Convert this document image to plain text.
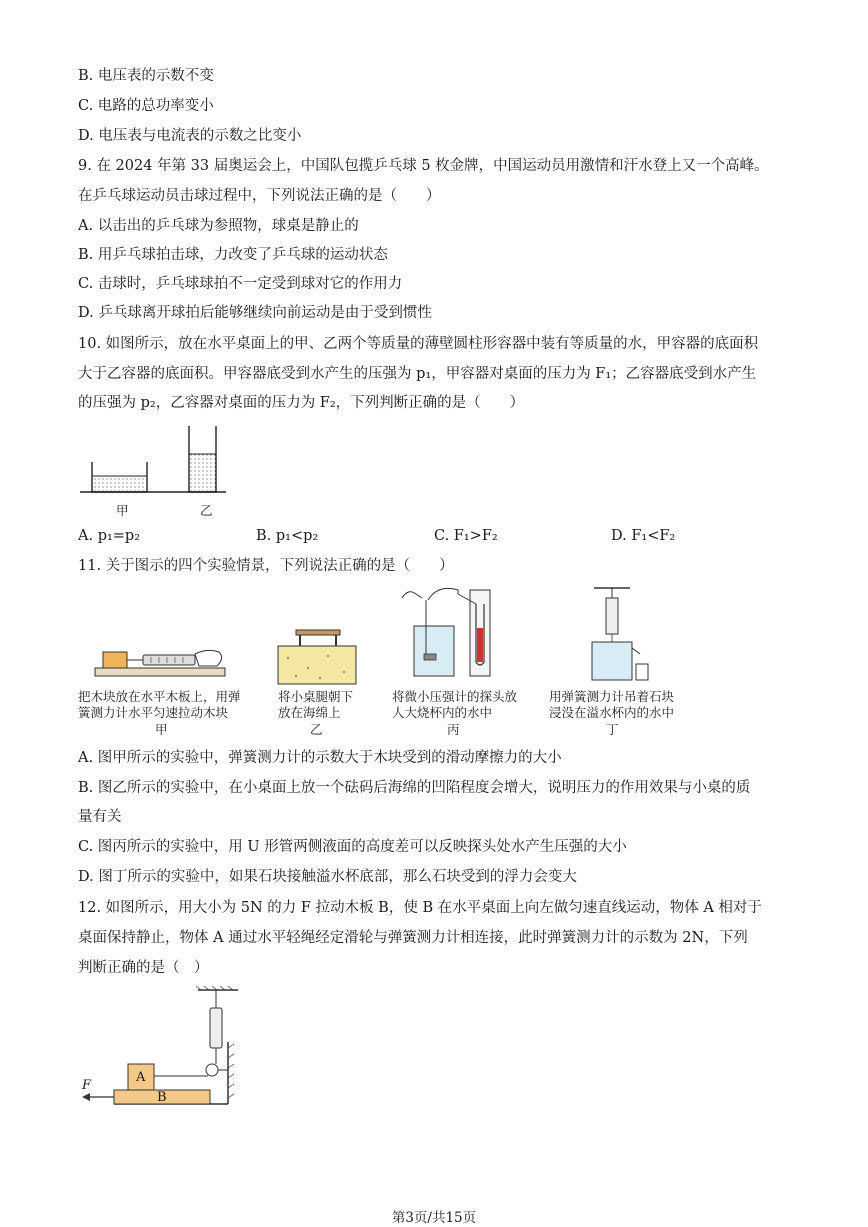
B. 电压表的示数不变
C. 电路的总功率变小
D. 电压表与电流表的示数之比变小
9. 在 2024 年第 33 届奥运会上，中国队包揽乒乓球 5 枚金牌，中国运动员用激情和汗水登上又一个高峰。
在乒乓球运动员击球过程中，下列说法正确的是（　　）
A. 以击出的乒乓球为参照物，球桌是静止的
B. 用乒乓球拍击球，力改变了乒乓球的运动状态
C. 击球时，乒乓球球拍不一定受到球对它的作用力
D. 乒乓球离开球拍后能够继续向前运动是由于受到惯性
10. 如图所示，放在水平桌面上的甲、乙两个等质量的薄壁圆柱形容器中装有等质量的水，甲容器的底面积
大于乙容器的底面积。甲容器底受到水产生的压强为 p₁，甲容器对桌面的压力为 F₁；乙容器底受到水产生
的压强为 p₂，乙容器对桌面的压力为 F₂，下列判断正确的是（　　）
甲	乙
A. p₁=p₂	B. p₁<p₂	C. F₁>F₂	D. F₁<F₂
11. 关于图示的四个实验情景，下列说法正确的是（　　）
把木块放在水平木板上，用弹
簧测力计水平匀速拉动木块
甲
将小桌腿朝下
放在海绵上
乙
将微小压强计的探头放
人大烧杯内的水中
丙
用弹簧测力计吊着石块
浸没在溢水杯内的水中
丁
A. 图甲所示的实验中，弹簧测力计的示数大于木块受到的滑动摩擦力的大小
B. 图乙所示的实验中，在小桌面上放一个砝码后海绵的凹陷程度会增大，说明压力的作用效果与小桌的质
量有关
C. 图丙所示的实验中，用 U 形管两侧液面的高度差可以反映探头处水产生压强的大小
D. 图丁所示的实验中，如果石块接触溢水杯底部，那么石块受到的浮力会变大
12. 如图所示，用大小为 5N 的力 F 拉动木板 B，使 B 在水平桌面上向左做匀速直线运动，物体 A 相对于
桌面保持静止，物体 A 通过水平轻绳经定滑轮与弹簧测力计相连接，此时弹簧测力计的示数为 2N，下列
判断正确的是（　）
A
B
F
第3页/共15页
